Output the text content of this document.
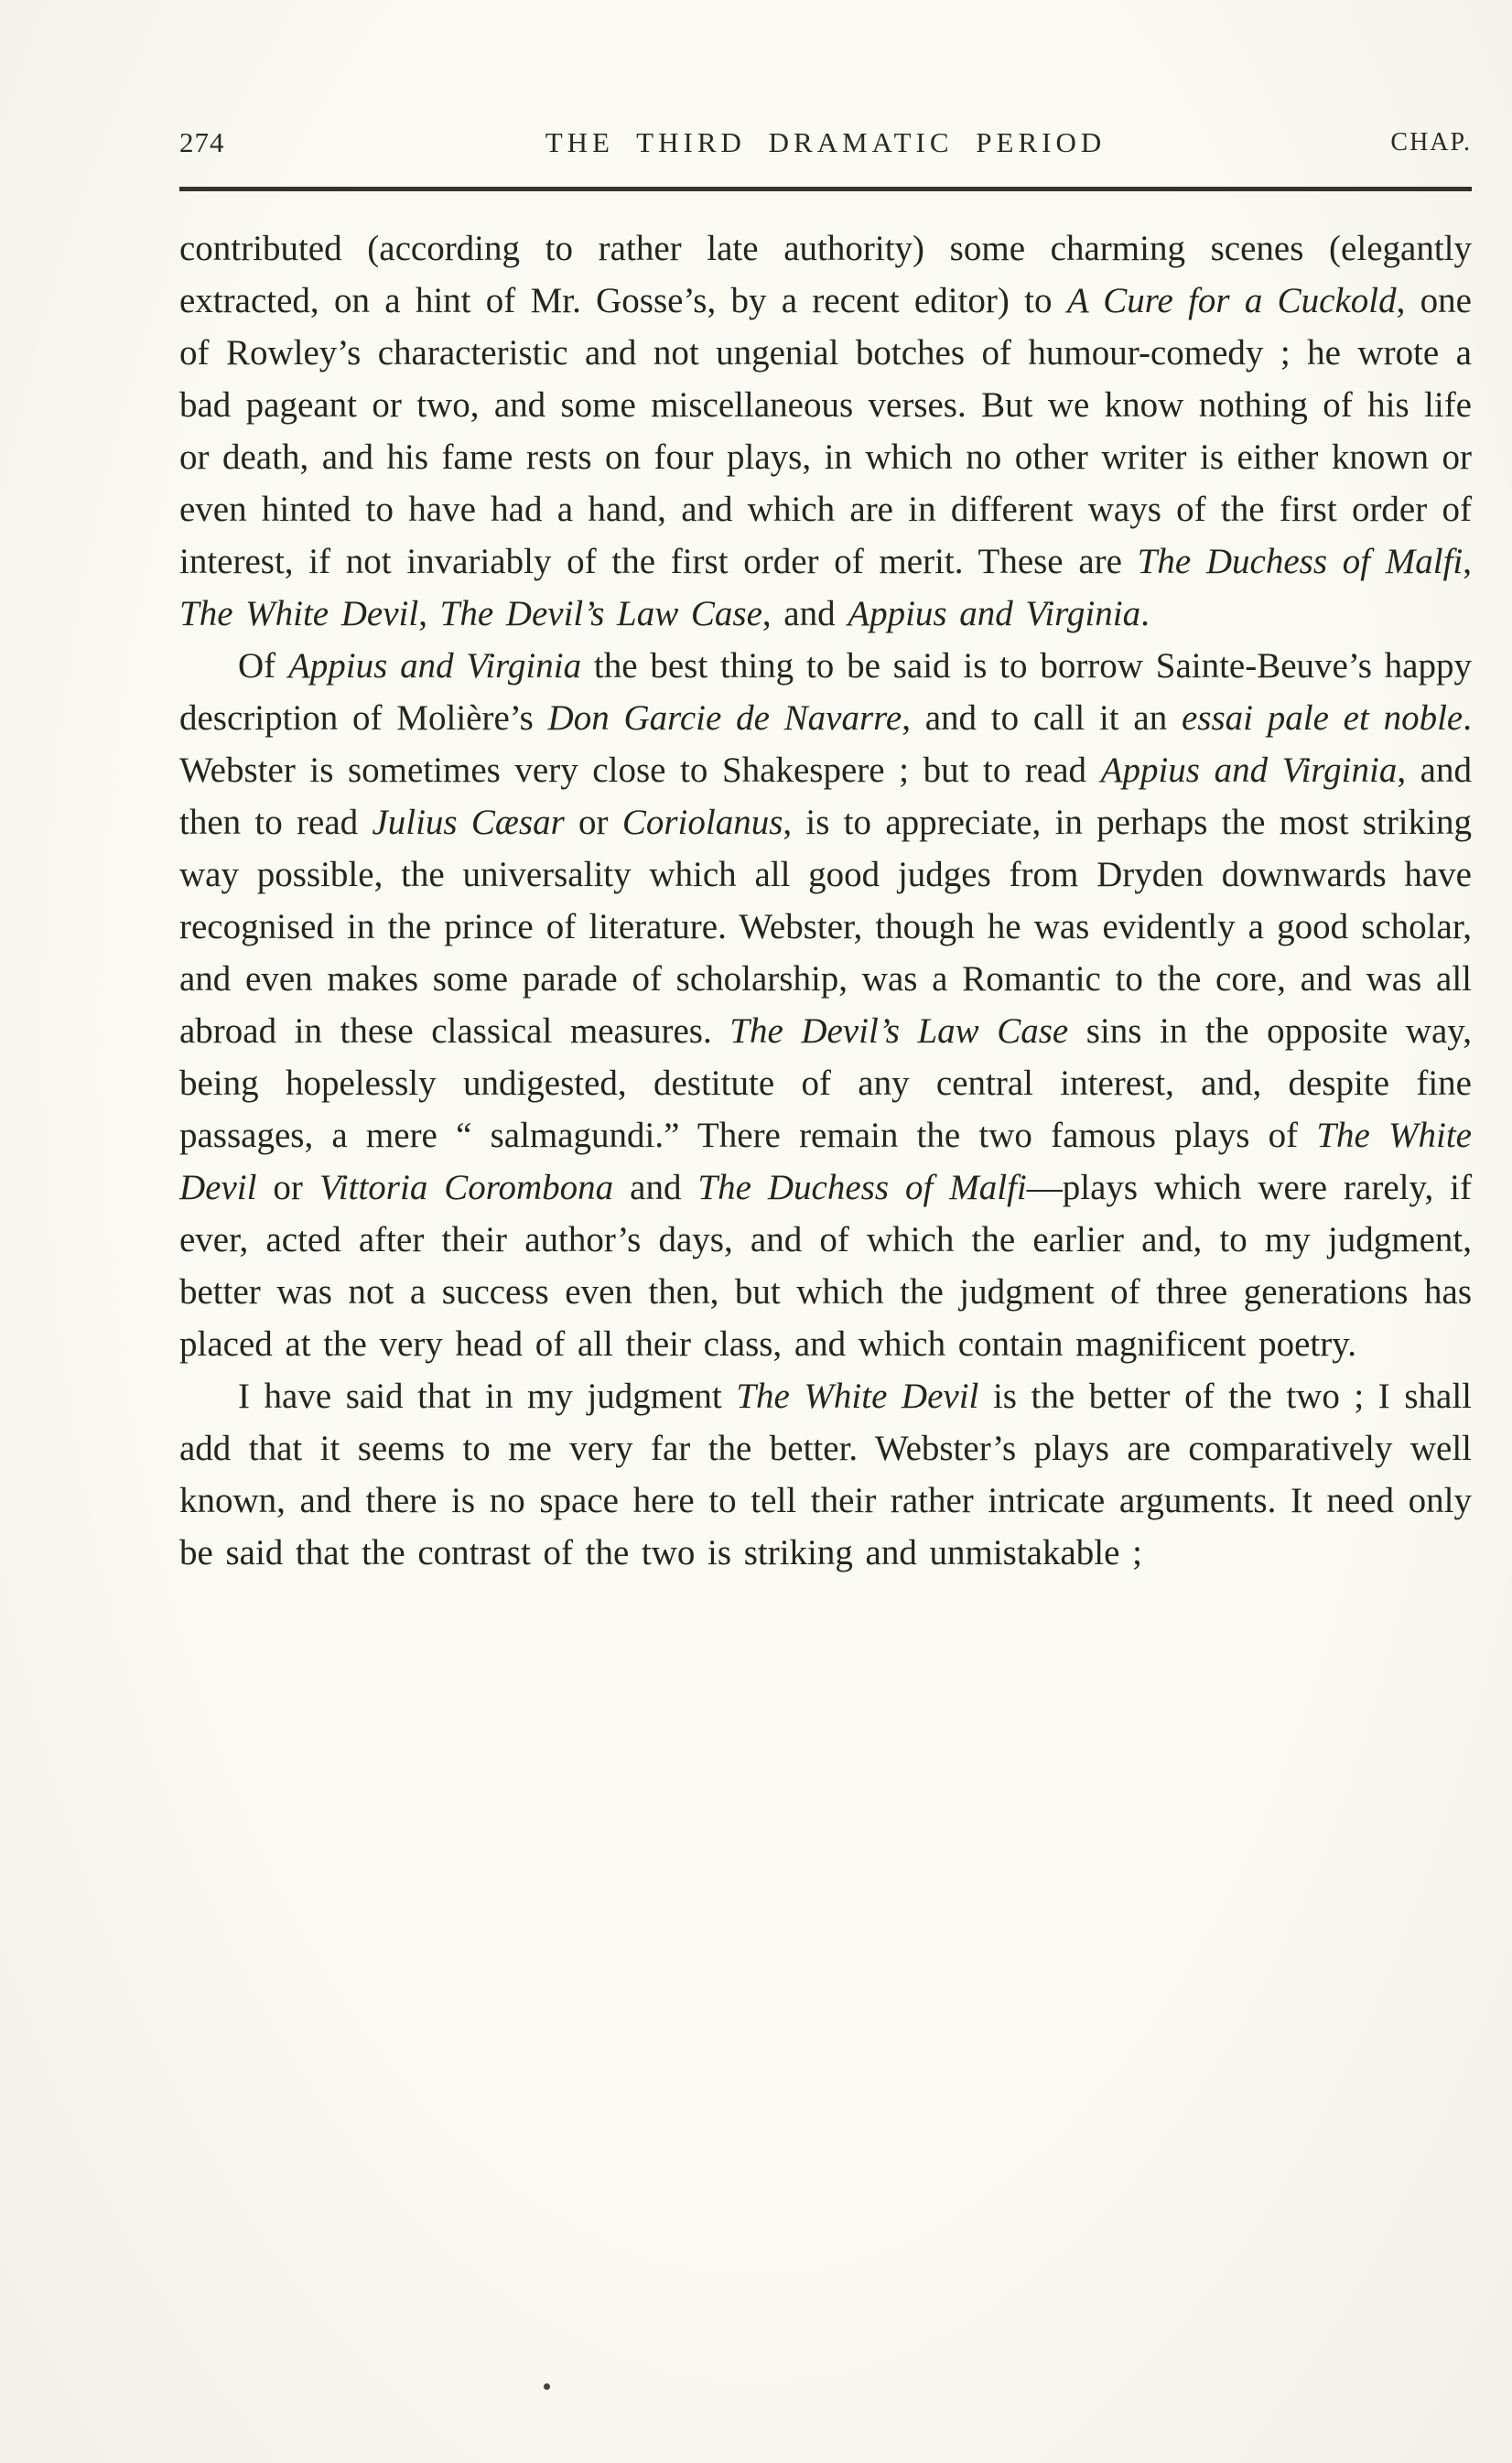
274	THE THIRD DRAMATIC PERIOD	CHAP.

contributed (according to rather late authority) some charming scenes (elegantly extracted, on a hint of Mr. Gosse’s, by a recent editor) to A Cure for a Cuckold, one of Rowley’s characteristic and not ungenial botches of humour-comedy ; he wrote a bad pageant or two, and some miscellaneous verses. But we know nothing of his life or death, and his fame rests on four plays, in which no other writer is either known or even hinted to have had a hand, and which are in different ways of the first order of interest, if not invariably of the first order of merit. These are The Duchess of Malfi, The White Devil, The Devil’s Law Case, and Appius and Virginia.

Of Appius and Virginia the best thing to be said is to borrow Sainte-Beuve’s happy description of Molière’s Don Garcie de Navarre, and to call it an essai pale et noble. Webster is sometimes very close to Shakespere ; but to read Appius and Virginia, and then to read Julius Cæsar or Coriolanus, is to appreciate, in perhaps the most striking way possible, the universality which all good judges from Dryden downwards have recognised in the prince of literature. Webster, though he was evidently a good scholar, and even makes some parade of scholarship, was a Romantic to the core, and was all abroad in these classical measures. The Devil’s Law Case sins in the opposite way, being hopelessly undigested, destitute of any central interest, and, despite fine passages, a mere “ salmagundi.” There remain the two famous plays of The White Devil or Vittoria Corombona and The Duchess of Malfi—plays which were rarely, if ever, acted after their author’s days, and of which the earlier and, to my judgment, better was not a success even then, but which the judgment of three generations has placed at the very head of all their class, and which contain magnificent poetry.

I have said that in my judgment The White Devil is the better of the two ; I shall add that it seems to me very far the better. Webster’s plays are comparatively well known, and there is no space here to tell their rather intricate arguments. It need only be said that the contrast of the two is striking and unmistakable ;
